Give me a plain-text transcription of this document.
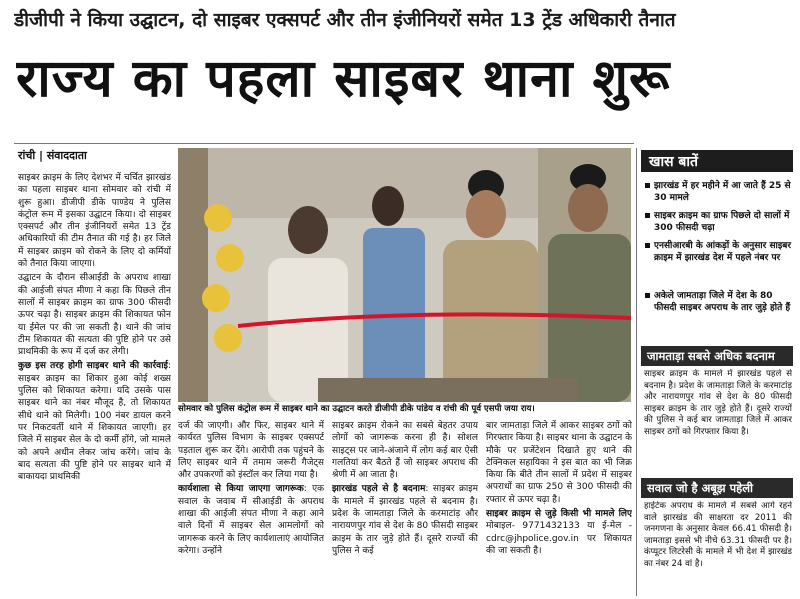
डीजीपी ने किया उद्घाटन, दो साइबर एक्सपर्ट और तीन इंजीनियरों समेत 13 ट्रेंड अधिकारी तैनात
राज्य का पहला साइबर थाना शुरू
रांची | संवाददाता

साइबर क्राइम के लिए देशभर में चर्चित झारखंड का पहला साइबर थाना सोमवार को रांची में शुरू हुआ। डीजीपी डीके पाण्डेय ने पुलिस कंट्रोल रूम में इसका उद्घाटन किया। दो साइबर एक्सपर्ट और तीन इंजीनियरों समेत 13 ट्रेंड अधिकारियों की टीम तैनात की गई है। हर जिले में साइबर क्राइम को रोकने के लिए दो कर्मियों को तैनात किया जाएगा।

उद्घाटन के दौरान सीआईडी के अपराध शाखा की आईजी संपत मीणा ने कहा कि पिछले तीन सालों में साइबर क्राइम का ग्राफ 300 फीसदी ऊपर चढ़ा है। साइबर क्राइम की शिकायत फोन या ईमेल पर की जा सकती है। थाने की जांच टीम शिकायत की सत्यता की पुष्टि होने पर उसे प्राथमिकी के रूप में दर्ज कर लेगी।

कुछ इस तरह होगी साइबर थाने की कार्रवाई: साइबर क्राइम का शिकार हुआ कोई शख्स पुलिस को शिकायत करेगा। यदि उसके पास साइबर थाने का नंबर मौजूद है, तो शिकायत सीधे थाने को मिलेगी। 100 नंबर डायल करने पर निकटवर्ती थाने में शिकायत जाएगी। हर जिले में साइबर सेल के दो कर्मी होंगे, जो मामले को अपने अधीन लेकर जांच करेंगे। जांच के बाद सत्यता की पुष्टि होने पर साइबर थाने में बाकायदा प्राथमिकी

सोमवार को पुलिस कंट्रोल रूम में साइबर थाने का उद्घाटन करते डीजीपी डीके पांडेय व रांची की पूर्व एसपी जया राय।

दर्ज की जाएगी। और फिर, साइबर थाने में कार्यरत पुलिस विभाग के साइबर एक्सपर्ट पड़ताल शुरू कर देंगे। आरोपी तक पहुंचने के लिए साइबर थाने में तमाम जरूरी गैजेट्स और उपकरणों को इंस्टॉल कर लिया गया है।

कार्यशाला से किया जाएगा जागरूक: एक सवाल के जवाब में सीआईडी के अपराध शाखा की आईजी संपत मीणा ने कहा आने वाले दिनों में साइबर सेल आमलोगों को जागरूक करने के लिए कार्यशालाएं आयोजित करेगा। उन्होंने

साइबर क्राइम रोकने का सबसे बेहतर उपाय लोगों को जागरूक करना ही है। सोशल साइट्स पर जाने-अंजाने में लोग कई बार ऐसी गलतियां कर बैठते हैं जो साइबर अपराध की श्रेणी में आ जाता है।

झारखंड पहले से है बदनाम: साइबर क्राइम के मामले में झारखंड पहले से बदनाम है। प्रदेश के जामताड़ा जिले के करमाटांड़ और नारायणपुर गांव से देश के 80 फीसदी साइबर क्राइम के तार जुड़े होते हैं। दूसरे राज्यों की पुलिस ने कई

बार जामताड़ा जिले में आकर साइबर ठगों को गिरफ्तार किया है। साइबर थाना के उद्घाटन के मौके पर प्रजेंटेशन दिखाते हुए थाने की टेक्निकल सहायिका ने इस बात का भी जिक्र किया कि बीते तीन सालों में प्रदेश में साइबर अपराधों का ग्राफ 250 से 300 फीसदी की रफ्तार से ऊपर चढ़ा है।

साइबर क्राइम से जुड़े किसी भी मामले लिए मोबाइल- 9771432133 या ई-मेल - cdrc@jhpolice.gov.in पर शिकायत की जा सकती है।

खास बातें
झारखंड में हर महीने में आ जाते हैं 25 से 30 मामले
साइबर क्राइम का ग्राफ पिछले दो सालों में 300 फीसदी चढ़ा
एनसीआरबी के आंकड़ों के अनुसार साइबर क्राइम में झारखंड देश में पहले नंबर पर
अकेले जामताड़ा जिले में देश के 80 फीसदी साइबर अपराध के तार जुड़े होते हैं
जामताड़ा सबसे अधिक बदनाम
साइबर क्राइम के मामले में झारखंड पहले से बदनाम है। प्रदेश के जामताड़ा जिले के करमाटांड़ और नारायणपुर गांव से देश के 80 फीसदी साइबर क्राइम के तार जुड़े होते हैं। दूसरे राज्यों की पुलिस ने कई बार जामताड़ा जिले में आकर साइबर ठगों को गिरफ्तार किया है।
सवाल जो है अबूझ पहेली
हाईटेक अपराध के मामले में सबसे आगे रहने वाले झारखंड की साक्षरता दर 2011 की जनगणना के अनुसार केवल 66.41 फीसदी है। जामताड़ा इससे भी नीचे 63.31 फीसदी पर है। कंप्यूटर लिटरेसी के मामले में भी देश में झारखंड का नंबर 24 वां है।
